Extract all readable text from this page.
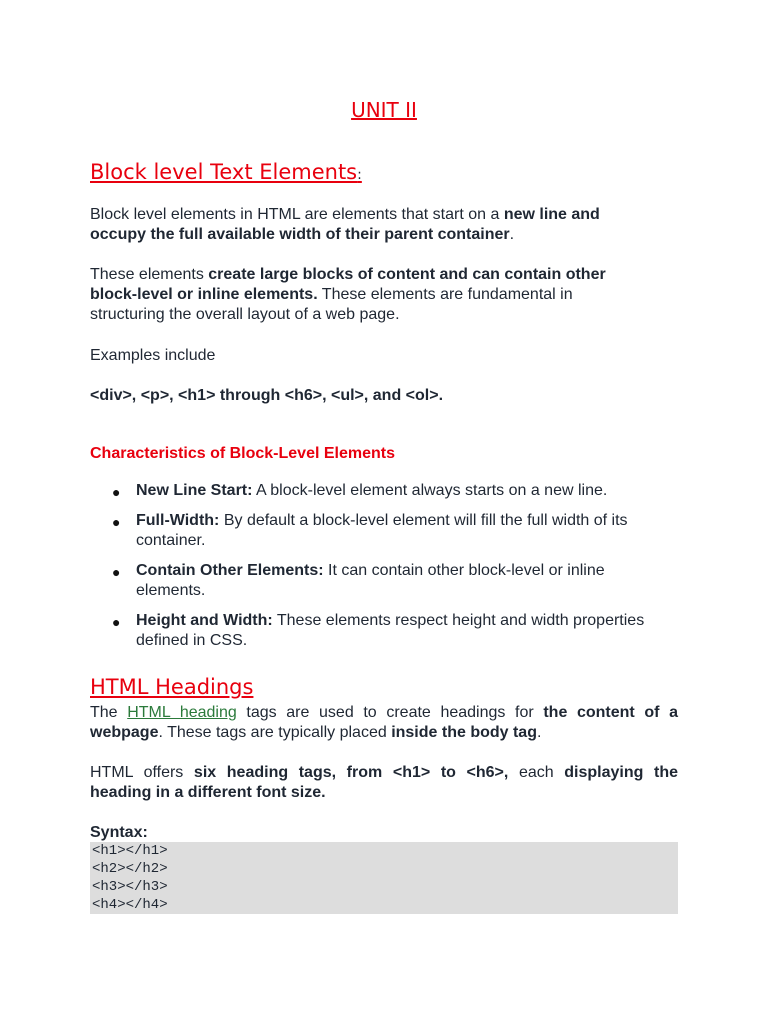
UNIT II
Block level Text Elements:
Block level elements in HTML are elements that start on a new line and
occupy the full available width of their parent container.
These elements create large blocks of content and can contain other
block-level or inline elements. These elements are fundamental in
structuring the overall layout of a web page.
Examples include
<div>, <p>, <h1> through <h6>, <ul>, and <ol>.
Characteristics of Block-Level Elements
● New Line Start: A block-level element always starts on a new line.
● Full-Width: By default a block-level element will fill the full width of its
container.
● Contain Other Elements: It can contain other block-level or inline
elements.
● Height and Width: These elements respect height and width properties
defined in CSS.
HTML Headings
The HTML heading tags are used to create headings for the content of a
webpage. These tags are typically placed inside the body tag.
HTML offers six heading tags, from <h1> to <h6>, each displaying the
heading in a different font size.
Syntax:
<h1></h1>
<h2></h2>
<h3></h3>
<h4></h4>
